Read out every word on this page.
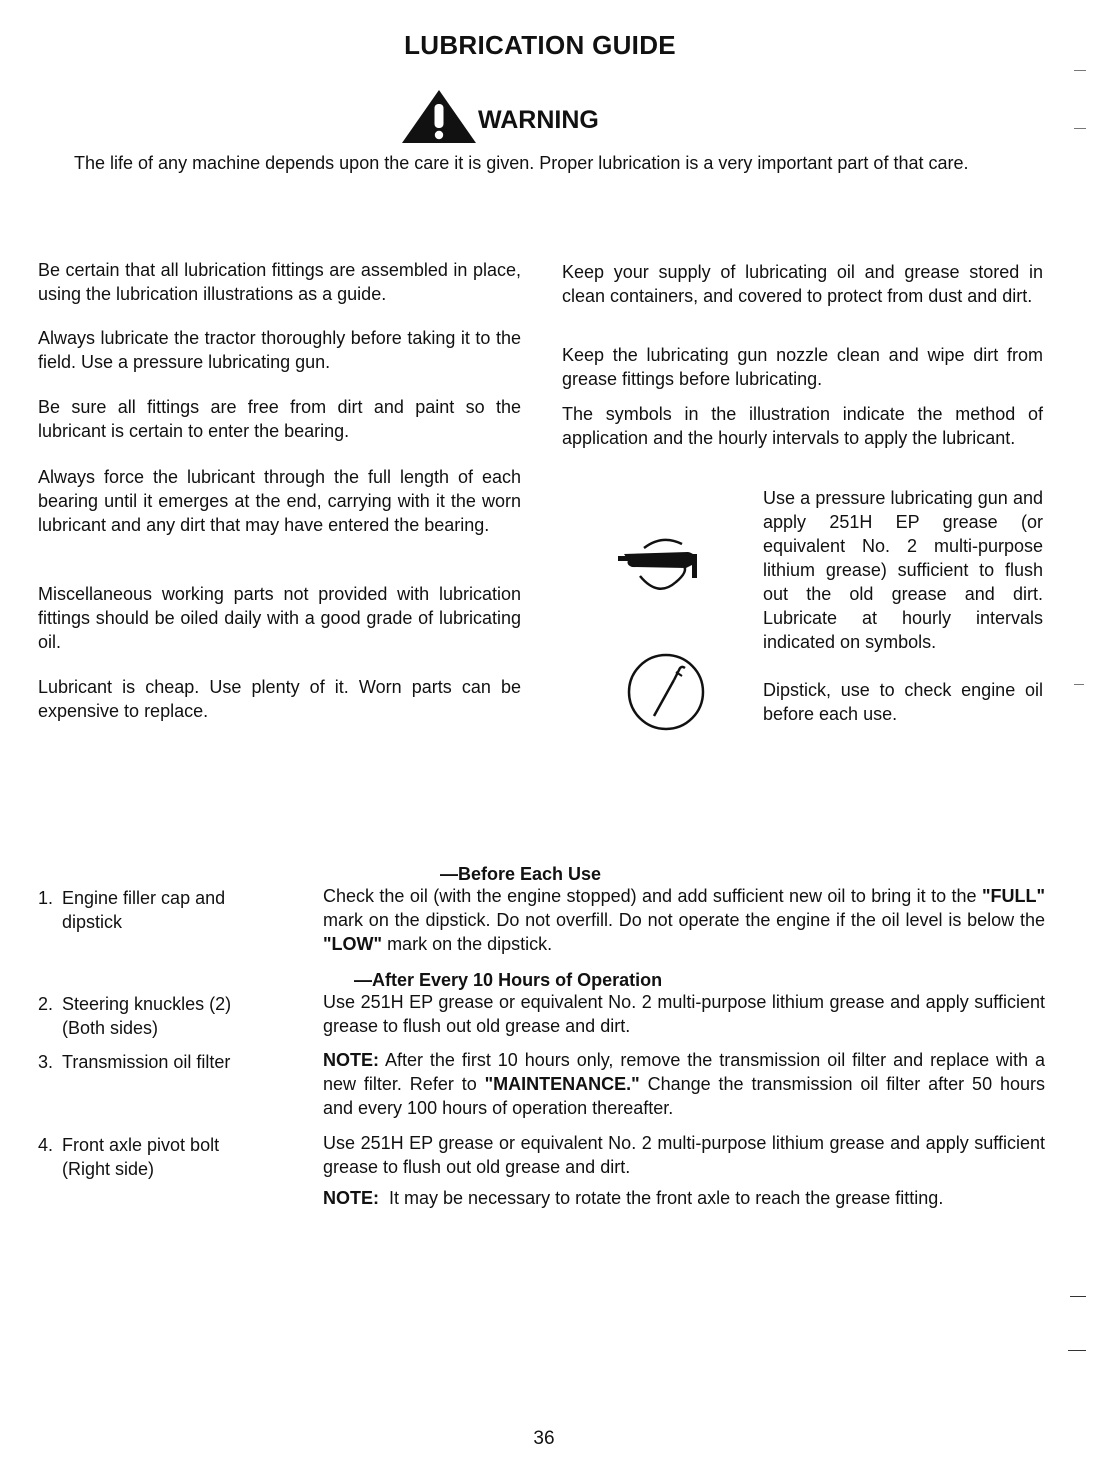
LUBRICATION GUIDE
WARNING
The life of any machine depends upon the care it is given. Proper lubrication is a very important part of that care.
Be certain that all lubrication fittings are assembled in place, using the lubrication illustrations as a guide.
Always lubricate the tractor thoroughly before taking it to the field. Use a pressure lubricating gun.
Be sure all fittings are free from dirt and paint so the lubricant is certain to enter the bearing.
Always force the lubricant through the full length of each bearing until it emerges at the end, carrying with it the worn lubricant and any dirt that may have entered the bearing.
Miscellaneous working parts not provided with lubrication fittings should be oiled daily with a good grade of lubricating oil.
Lubricant is cheap. Use plenty of it. Worn parts can be expensive to replace.
Keep your supply of lubricating oil and grease stored in clean containers, and covered to protect from dust and dirt.
Keep the lubricating gun nozzle clean and wipe dirt from grease fittings before lubricating.
The symbols in the illustration indicate the method of application and the hourly intervals to apply the lubricant.
Use a pressure lubricating gun and apply 251H EP grease (or equivalent No. 2 multi-purpose lithium grease) sufficient to flush out the old grease and dirt. Lubricate at hourly intervals indicated on symbols.
Dipstick, use to check engine oil before each use.
—Before Each Use
1. Engine filler cap and
dipstick
Check the oil (with the engine stopped) and add sufficient new oil to bring it to the "FULL" mark on the dipstick. Do not overfill. Do not operate the engine if the oil level is below the "LOW" mark on the dipstick.
—After Every 10 Hours of Operation
2. Steering knuckles (2)
(Both sides)
Use 251H EP grease or equivalent No. 2 multi-purpose lithium grease and apply sufficient grease to flush out old grease and dirt.
3. Transmission oil filter	NOTE: After the first 10 hours only, remove the transmission oil filter and replace with a new filter. Refer to "MAINTENANCE." Change the transmission oil filter after 50 hours and every 100 hours of operation thereafter.
4. Front axle pivot bolt
(Right side)
Use 251H EP grease or equivalent No. 2 multi-purpose lithium grease and apply sufficient grease to flush out old grease and dirt.
NOTE: It may be necessary to rotate the front axle to reach the grease fitting.
36
